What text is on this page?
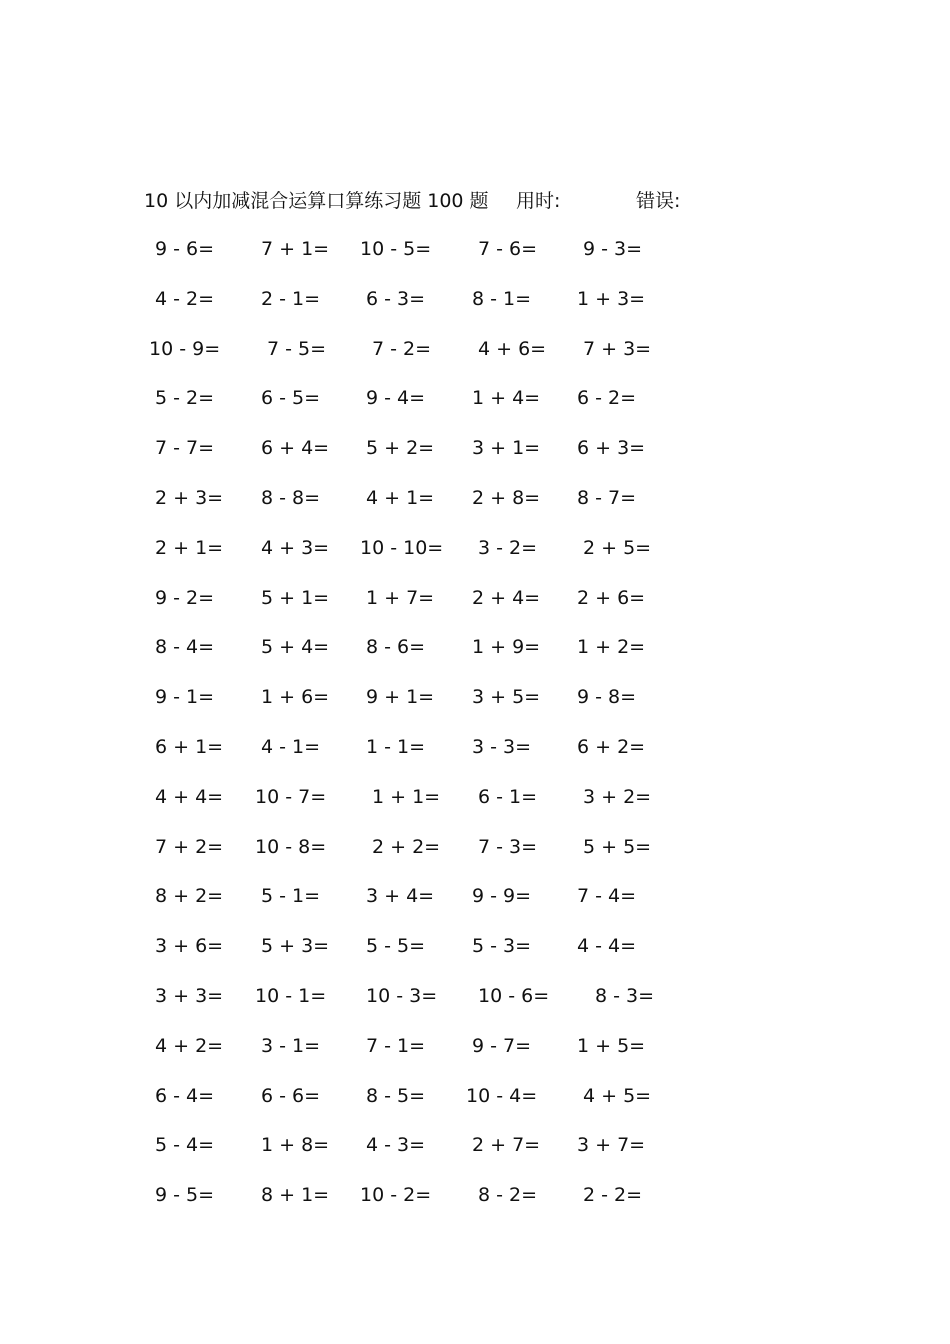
10 以内加减混合运算口算练习题 100 题 用时:	错误:
9 - 6= 7 + 1= 10 - 5= 7 - 6= 9 - 3=
4 - 2= 2 - 1= 6 - 3= 8 - 1= 1 + 3=
10 - 9= 7 - 5= 7 - 2= 4 + 6= 7 + 3=
5 - 2= 6 - 5= 9 - 4= 1 + 4= 6 - 2=
7 - 7= 6 + 4= 5 + 2= 3 + 1= 6 + 3=
2 + 3= 8 - 8= 4 + 1= 2 + 8= 8 - 7=
2 + 1= 4 + 3= 10 - 10= 3 - 2= 2 + 5=
9 - 2= 5 + 1= 1 + 7= 2 + 4= 2 + 6=
8 - 4= 5 + 4= 8 - 6= 1 + 9= 1 + 2=
9 - 1= 1 + 6= 9 + 1= 3 + 5= 9 - 8=
6 + 1= 4 - 1= 1 - 1= 3 - 3= 6 + 2=
4 + 4= 10 - 7= 1 + 1= 6 - 1= 3 + 2=
7 + 2= 10 - 8= 2 + 2= 7 - 3= 5 + 5=
8 + 2= 5 - 1= 3 + 4= 9 - 9= 7 - 4=
3 + 6= 5 + 3= 5 - 5= 5 - 3= 4 - 4=
3 + 3= 10 - 1= 10 - 3= 10 - 6= 8 - 3=
4 + 2= 3 - 1= 7 - 1= 9 - 7= 1 + 5=
6 - 4= 6 - 6= 8 - 5= 10 - 4= 4 + 5=
5 - 4= 1 + 8= 4 - 3= 2 + 7= 3 + 7=
9 - 5= 8 + 1= 10 - 2= 8 - 2= 2 - 2=
